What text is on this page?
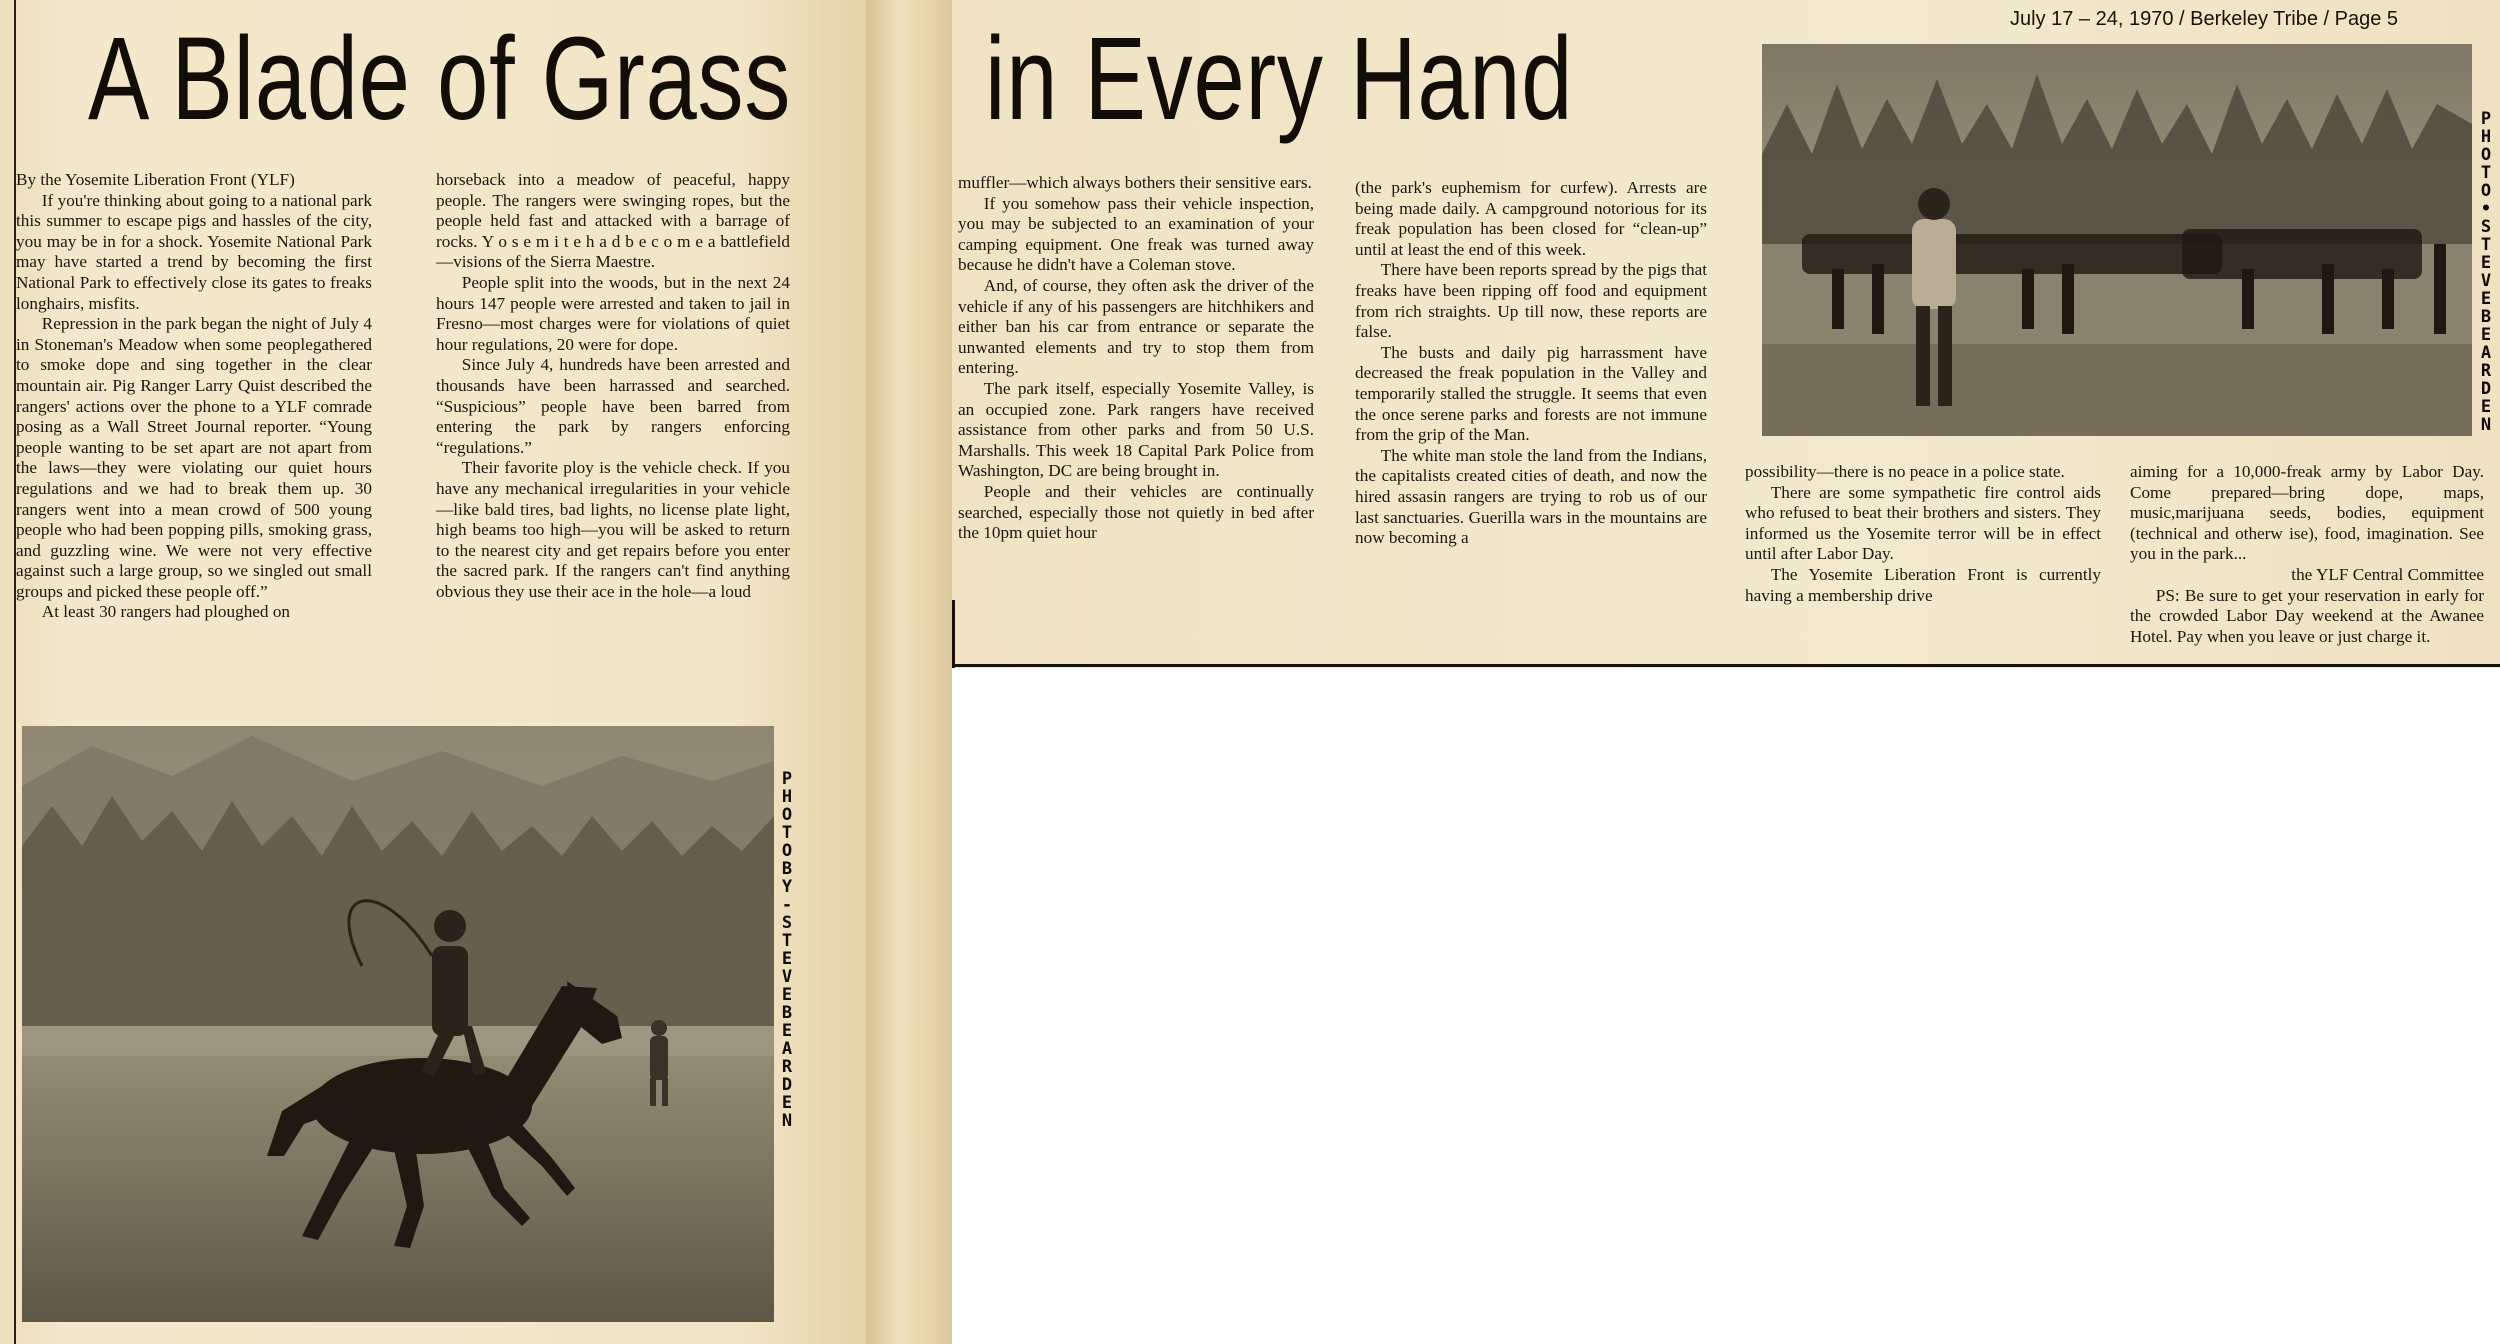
July 17 – 24, 1970 / Berkeley Tribe / Page 5
A Blade of Grass in Every Hand

By the Yosemite Liberation Front (YLF)

If you're thinking about going to a national park this summer to escape pigs and hassles of the city, you may be in for a shock. Yosemite National Park may have started a trend by becoming the first National Park to effectively close its gates to freaks longhairs, misfits.

Repression in the park began the night of July 4 in Stoneman's Meadow when some peoplegathered to smoke dope and sing together in the clear mountain air. Pig Ranger Larry Quist described the rangers' actions over the phone to a YLF comrade posing as a Wall Street Journal reporter. “Young people wanting to be set apart are not apart from the laws—they were violating our quiet hours regulations and we had to break them up. 30 rangers went into a mean crowd of 500 young people who had been popping pills, smoking grass, and guzzling wine. We were not very effective against such a large group, so we singled out small groups and picked these people off.”

At least 30 rangers had ploughed on

horseback into a meadow of peaceful, happy people. The rangers were swinging ropes, but the people held fast and attacked with a barrage of rocks. Y o s e m i t e h a d b e c o m e a battlefield—visions of the Sierra Maestre.

People split into the woods, but in the next 24 hours 147 people were arrested and taken to jail in Fresno—most charges were for violations of quiet hour regulations, 20 were for dope.

Since July 4, hundreds have been arrested and thousands have been harrassed and searched. “Suspicious” people have been barred from entering the park by rangers enforcing “regulations.”

Their favorite ploy is the vehicle check. If you have any mechanical irregularities in your vehicle—like bald tires, bad lights, no license plate light, high beams too high—you will be asked to return to the nearest city and get repairs before you enter the sacred park. If the rangers can't find anything obvious they use their ace in the hole—a loud

muffler—which always bothers their sensitive ears.

If you somehow pass their vehicle inspection, you may be subjected to an examination of your camping equipment. One freak was turned away because he didn't have a Coleman stove.

And, of course, they often ask the driver of the vehicle if any of his passengers are hitchhikers and either ban his car from entrance or separate the unwanted elements and try to stop them from entering.

The park itself, especially Yosemite Valley, is an occupied zone. Park rangers have received assistance from other parks and from 50 U.S. Marshalls. This week 18 Capital Park Police from Washington, DC are being brought in.

People and their vehicles are continually searched, especially those not quietly in bed after the 10pm quiet hour

(the park's euphemism for curfew). Arrests are being made daily. A campground notorious for its freak population has been closed for “clean-up” until at least the end of this week.

There have been reports spread by the pigs that freaks have been ripping off food and equipment from rich straights. Up till now, these reports are false.

The busts and daily pig harrassment have decreased the freak population in the Valley and temporarily stalled the struggle. It seems that even the once serene parks and forests are not immune from the grip of the Man.

The white man stole the land from the Indians, the capitalists created cities of death, and now the hired assasin rangers are trying to rob us of our last sanctuaries. Guerilla wars in the mountains are now becoming a

possibility—there is no peace in a police state.

There are some sympathetic fire control aids who refused to beat their brothers and sisters. They informed us the Yosemite terror will be in effect until after Labor Day.

The Yosemite Liberation Front is currently having a membership drive

aiming for a 10,000-freak army by Labor Day. Come prepared—bring dope, maps, music,marijuana seeds, bodies, equipment (technical and otherw ise), food, imagination. See you in the park...

the YLF Central Committee

PS: Be sure to get your reservation in early for the crowded Labor Day weekend at the Awanee Hotel. Pay when you leave or just charge it.

PHOTO BY-STEVE BEARDEN
PHOTO•STEVE BEARDEN
